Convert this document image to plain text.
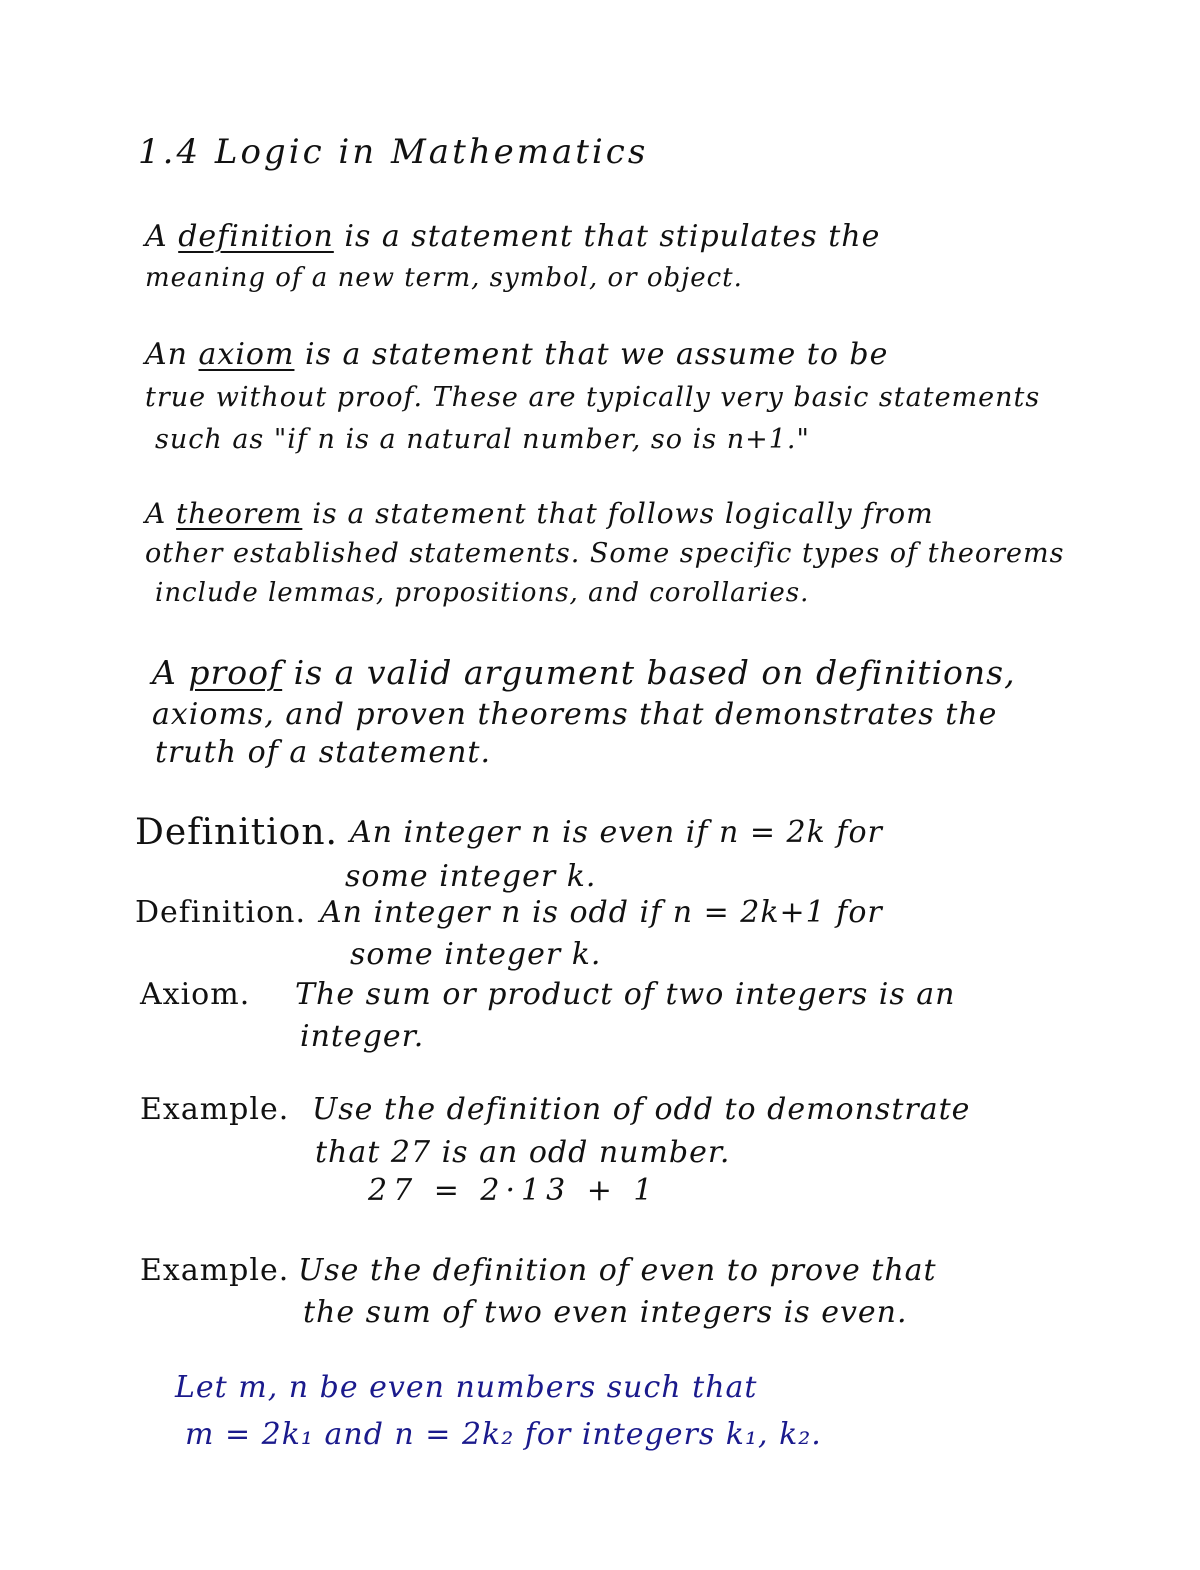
1.4 Logic in Mathematics
A definition is a statement that stipulates the
meaning of a new term, symbol, or object.
An axiom is a statement that we assume to be
true without proof. These are typically very basic statements
such as "if n is a natural number, so is n+1."
A theorem is a statement that follows logically from
other established statements. Some specific types of theorems
include lemmas, propositions, and corollaries.
A proof is a valid argument based on definitions,
axioms, and proven theorems that demonstrates the
truth of a statement.
Definition. An integer n is even if n = 2k for
some integer k.
Definition. An integer n is odd if n = 2k+1 for
some integer k.
Axiom. The sum or product of two integers is an
integer.
Example. Use the definition of odd to demonstrate
that 27 is an odd number.
27 = 2·13 + 1
Example. Use the definition of even to prove that
the sum of two even integers is even.
Let m, n be even numbers such that
m = 2k₁ and n = 2k₂ for integers k₁, k₂.
